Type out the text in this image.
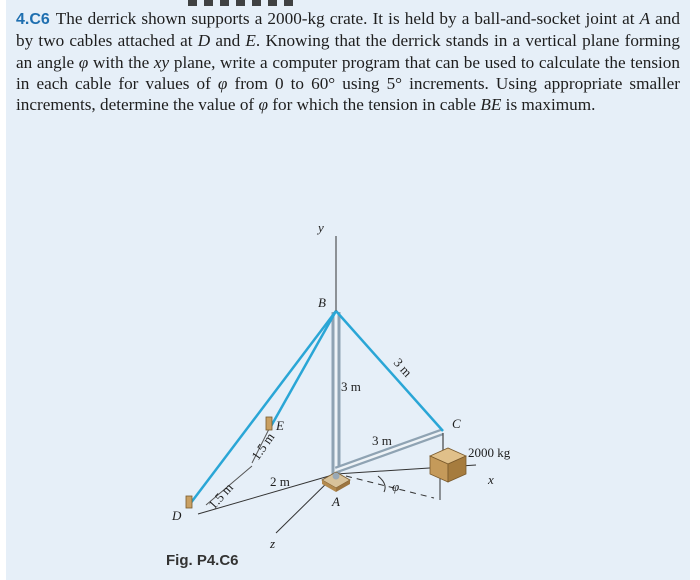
4.C6 The derrick shown supports a 2000-kg crate. It is held by a ball-and-socket joint at A and by two cables attached at D and E. Knowing that the derrick stands in a vertical plane forming an angle φ with the xy plane, write a computer program that can be used to calculate the tension in each cable for values of φ from 0 to 60° using 5° increments. Using appropriate smaller increments, determine the value of φ for which the tension in cable BE is maximum.

y
x
z
A
B
C
D
E
φ
2000 kg
3 m
3 m
3 m
2 m
1.5 m
1.5 m
Fig. P4.C6
